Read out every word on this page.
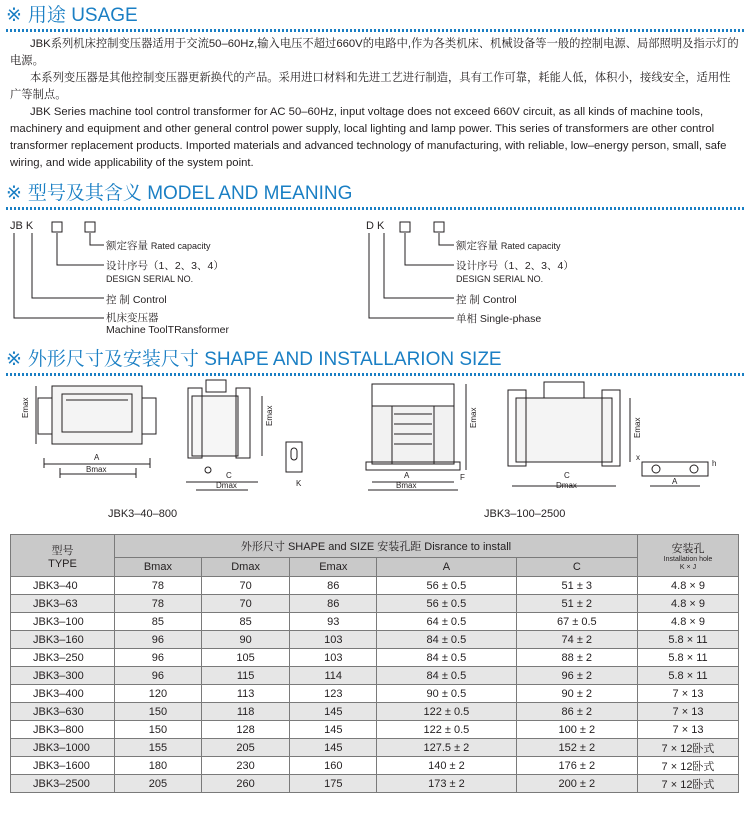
※ 用途 USAGE

JBK系列机床控制变压器适用于交流50–60Hz,输入电压不超过660V的电路中,作为各类机床、机械设备等一般的控制电源、局部照明及指示灯的电源。

本系列变压器是其他控制变压器更新换代的产品。采用进口材料和先进工艺进行制造，具有工作可靠，耗能人低，体积小，接线安全，适用性广等制点。

JBK Series machine tool control transformer for AC 50–60Hz, input voltage does not exceed 660V circuit, as all kinds of machine tools, machinery and equipment and other general control power supply, local lighting and lamp power. This series of transformers are other control transformer replacement products. Imported materials and advanced technology of manufacturing, with reliable, low–energy person, small, safe wiring, and wide applicability of the system point.

※ 型号及其含义 MODEL AND MEANING
JB K
额定容量 Rated capacity
设计序号（1、2、3、4）
DESIGN SERIAL NO.
控 制 Control
机床变压器
Machine ToolTRansformer
D K
额定容量 Rated capacity
设计序号（1、2、3、4）
DESIGN SERIAL NO.
控 制 Control
单相 Single-phase
※ 外形尺寸及安装尺寸 SHAPE AND INSTALLARION SIZE
Emax
A
Bmax
C
Dmax
Emax
K
A
Bmax
Emax
F	C
Dmax
Emax
A
h
x
JBK3–40–800	JBK3–100–2500
型号
TYPE	外形尺寸 SHAPE and SIZE 安装孔距 Disrance to install					安装孔
Installation hole
K × J

	Bmax	Dmax	Emax	A	C	
JBK3–40	78	70	86	56 ± 0.5	51 ± 3	4.8 × 9
JBK3–63	78	70	86	56 ± 0.5	51 ± 2	4.8 × 9
JBK3–100	85	85	93	64 ± 0.5	67 ± 0.5	4.8 × 9
JBK3–160	96	90	103	84 ± 0.5	74 ± 2	5.8 × 11
JBK3–250	96	105	103	84 ± 0.5	88 ± 2	5.8 × 11
JBK3–300	96	115	114	84 ± 0.5	96 ± 2	5.8 × 11
JBK3–400	120	113	123	90 ± 0.5	90 ± 2	7 × 13
JBK3–630	150	118	145	122 ± 0.5	86 ± 2	7 × 13
JBK3–800	150	128	145	122 ± 0.5	100 ± 2	7 × 13
JBK3–1000	155	205	145	127.5 ± 2	152 ± 2	7 × 12卧式
JBK3–1600	180	230	160	140 ± 2	176 ± 2	7 × 12卧式
JBK3–2500	205	260	175	173 ± 2	200 ± 2	7 × 12卧式
